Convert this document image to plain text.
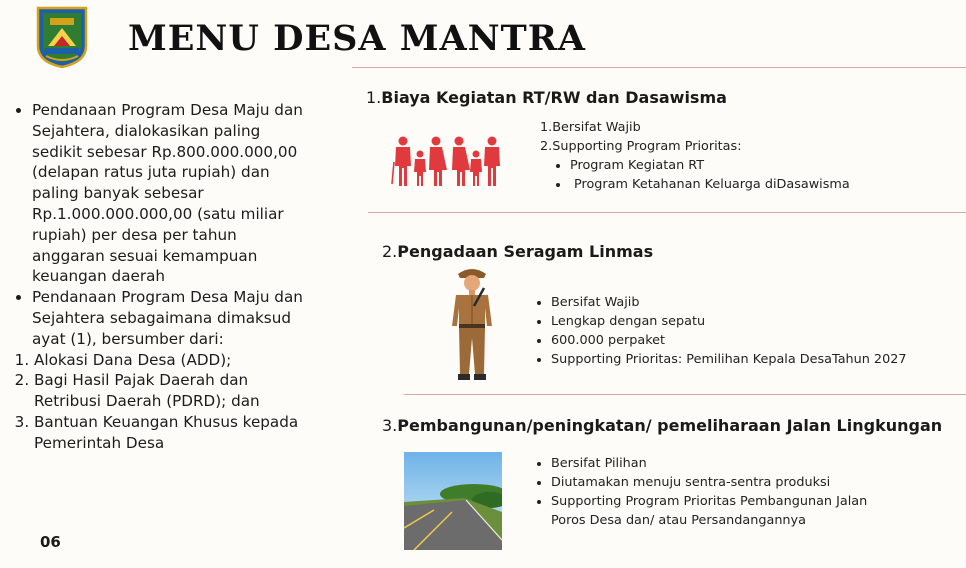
MENU DESA MANTRA
• Pendanaan Program Desa Maju dan Sejahtera, dialokasikan paling sedikit sebesar Rp.800.000.000,00 (delapan ratus juta rupiah) dan paling banyak sebesar Rp.1.000.000.000,00 (satu miliar rupiah) per desa per tahun anggaran sesuai kemampuan keuangan daerah
• Pendanaan Program Desa Maju dan Sejahtera sebagaimana dimaksud ayat (1), bersumber dari:
1. Alokasi Dana Desa (ADD);
2. Bagi Hasil Pajak Daerah dan Retribusi Daerah (PDRD); dan
3. Bantuan Keuangan Khusus kepada Pemerintah Desa
06
1.Biaya Kegiatan RT/RW dan Dasawisma
1.Bersifat Wajib
2.Supporting Program Prioritas:
• Program Kegiatan RT
• Program Ketahanan Keluarga diDasawisma
2.Pengadaan Seragam Linmas
• Bersifat Wajib
• Lengkap dengan sepatu
• 600.000 perpaket
• Supporting Prioritas: Pemilihan Kepala DesaTahun 2027
3.Pembangunan/peningkatan/ pemeliharaan Jalan Lingkungan
• Bersifat Pilihan
• Diutamakan menuju sentra-sentra produksi
• Supporting Program Prioritas Pembangunan Jalan Poros Desa dan/ atau Persandangannya
